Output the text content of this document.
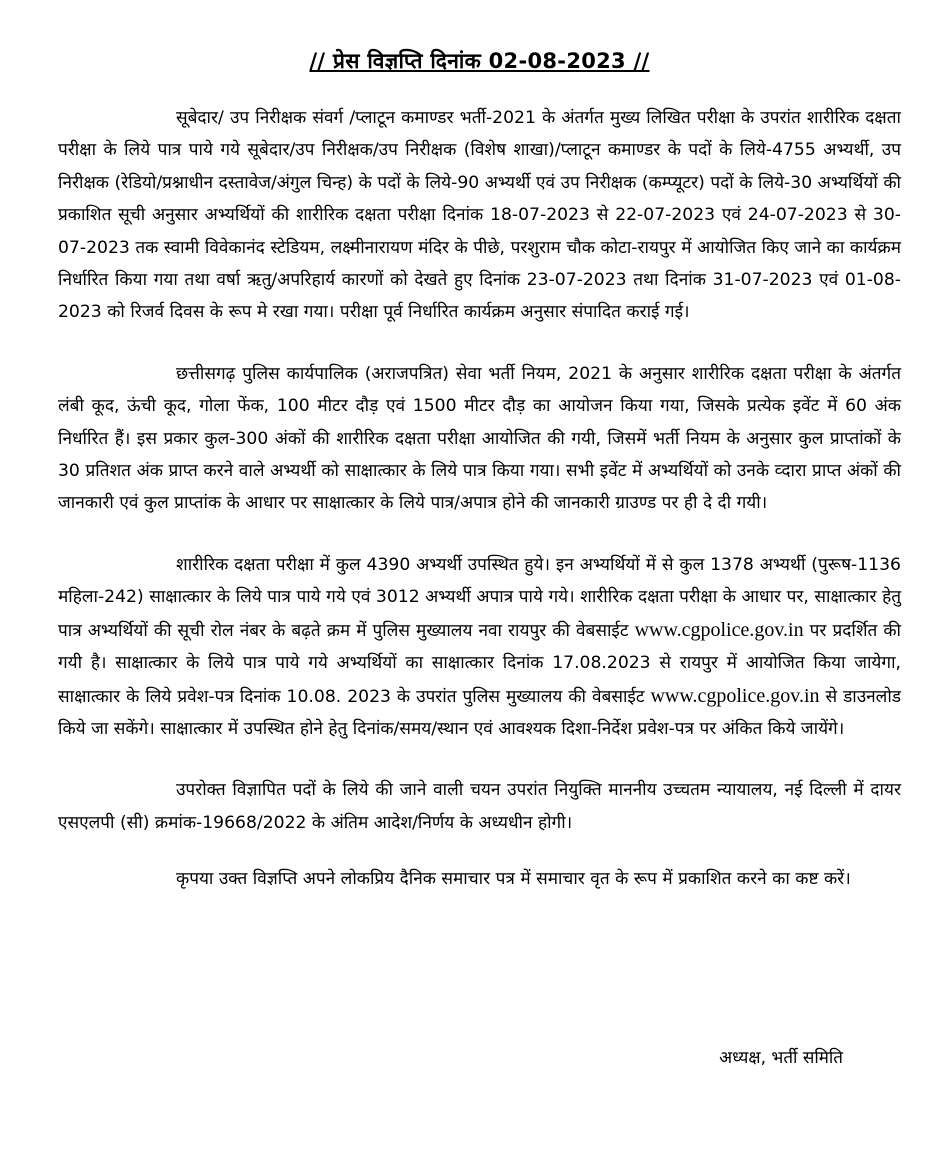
// प्रेस विज्ञप्ति दिनांक 02-08-2023 //

सूबेदार/ उप निरीक्षक संवर्ग /प्लाटून कमाण्डर भर्ती-2021 के अंतर्गत मुख्य लिखित परीक्षा के उपरांत शारीरिक दक्षता परीक्षा के लिये पात्र पाये गये सूबेदार/उप निरीक्षक/उप निरीक्षक (विशेष शाखा)/प्लाटून कमाण्डर के पदों के लिये-4755 अभ्यर्थी, उप निरीक्षक (रेडियो/प्रश्नाधीन दस्तावेज/अंगुल चिन्ह) के पदों के लिये-90 अभ्यर्थी एवं उप निरीक्षक (कम्प्यूटर) पदों के लिये-30 अभ्यर्थियों की प्रकाशित सूची अनुसार अभ्यर्थियों की शारीरिक दक्षता परीक्षा दिनांक 18-07-2023 से 22-07-2023 एवं 24-07-2023 से 30-07-2023 तक स्वामी विवेकानंद स्टेडियम, लक्ष्मीनारायण मंदिर के पीछे, परशुराम चौक कोटा-रायपुर में आयोजित किए जाने का कार्यक्रम निर्धारित किया गया तथा वर्षा ऋतु/अपरिहार्य कारणों को देखते हुए दिनांक 23-07-2023 तथा दिनांक 31-07-2023 एवं 01-08-2023 को रिजर्व दिवस के रूप मे रखा गया। परीक्षा पूर्व निर्धारित कार्यक्रम अनुसार संपादित कराई गई।

छत्तीसगढ़ पुलिस कार्यपालिक (अराजपत्रित) सेवा भर्ती नियम, 2021 के अनुसार शारीरिक दक्षता परीक्षा के अंतर्गत लंबी कूद, ऊंची कूद, गोला फेंक, 100 मीटर दौड़ एवं 1500 मीटर दौड़ का आयोजन किया गया, जिसके प्रत्येक इवेंट में 60 अंक निर्धारित हैं। इस प्रकार कुल-300 अंकों की शारीरिक दक्षता परीक्षा आयोजित की गयी, जिसमें भर्ती नियम के अनुसार कुल प्राप्तांकों के 30 प्रतिशत अंक प्राप्त करने वाले अभ्यर्थी को साक्षात्कार के लिये पात्र किया गया। सभी इवेंट में अभ्यर्थियों को उनके व्दारा प्राप्त अंकों की जानकारी एवं कुल प्राप्तांक के आधार पर साक्षात्कार के लिये पात्र/अपात्र होने की जानकारी ग्राउण्ड पर ही दे दी गयी।

शारीरिक दक्षता परीक्षा में कुल 4390 अभ्यर्थी उपस्थित हुये। इन अभ्यर्थियों में से कुल 1378 अभ्यर्थी (पुरूष-1136 महिला-242) साक्षात्कार के लिये पात्र पाये गये एवं 3012 अभ्यर्थी अपात्र पाये गये। शारीरिक दक्षता परीक्षा के आधार पर, साक्षात्कार हेतु पात्र अभ्यर्थियों की सूची रोल नंबर के बढ़ते क्रम में पुलिस मुख्यालय नवा रायपुर की वेबसाईट www.cgpolice.gov.in पर प्रदर्शित की गयी है। साक्षात्कार के लिये पात्र पाये गये अभ्यर्थियों का साक्षात्कार दिनांक 17.08.2023 से रायपुर में आयोजित किया जायेगा, साक्षात्कार के लिये प्रवेश-पत्र दिनांक 10.08. 2023 के उपरांत पुलिस मुख्यालय की वेबसाईट www.cgpolice.gov.in से डाउनलोड किये जा सकेंगे। साक्षात्कार में उपस्थित होने हेतु दिनांक/समय/स्थान एवं आवश्यक दिशा-निर्देश प्रवेश-पत्र पर अंकित किये जायेंगे।

उपरोक्त विज्ञापित पदों के लिये की जाने वाली चयन उपरांत नियुक्ति माननीय उच्चतम न्यायालय, नई दिल्ली में दायर एसएलपी (सी) क्रमांक-19668/2022 के अंतिम आदेश/निर्णय के अध्यधीन होगी।

कृपया उक्त विज्ञप्ति अपने लोकप्रिय दैनिक समाचार पत्र में समाचार वृत के रूप में प्रकाशित करने का कष्ट करें।

अध्यक्ष, भर्ती समिति
